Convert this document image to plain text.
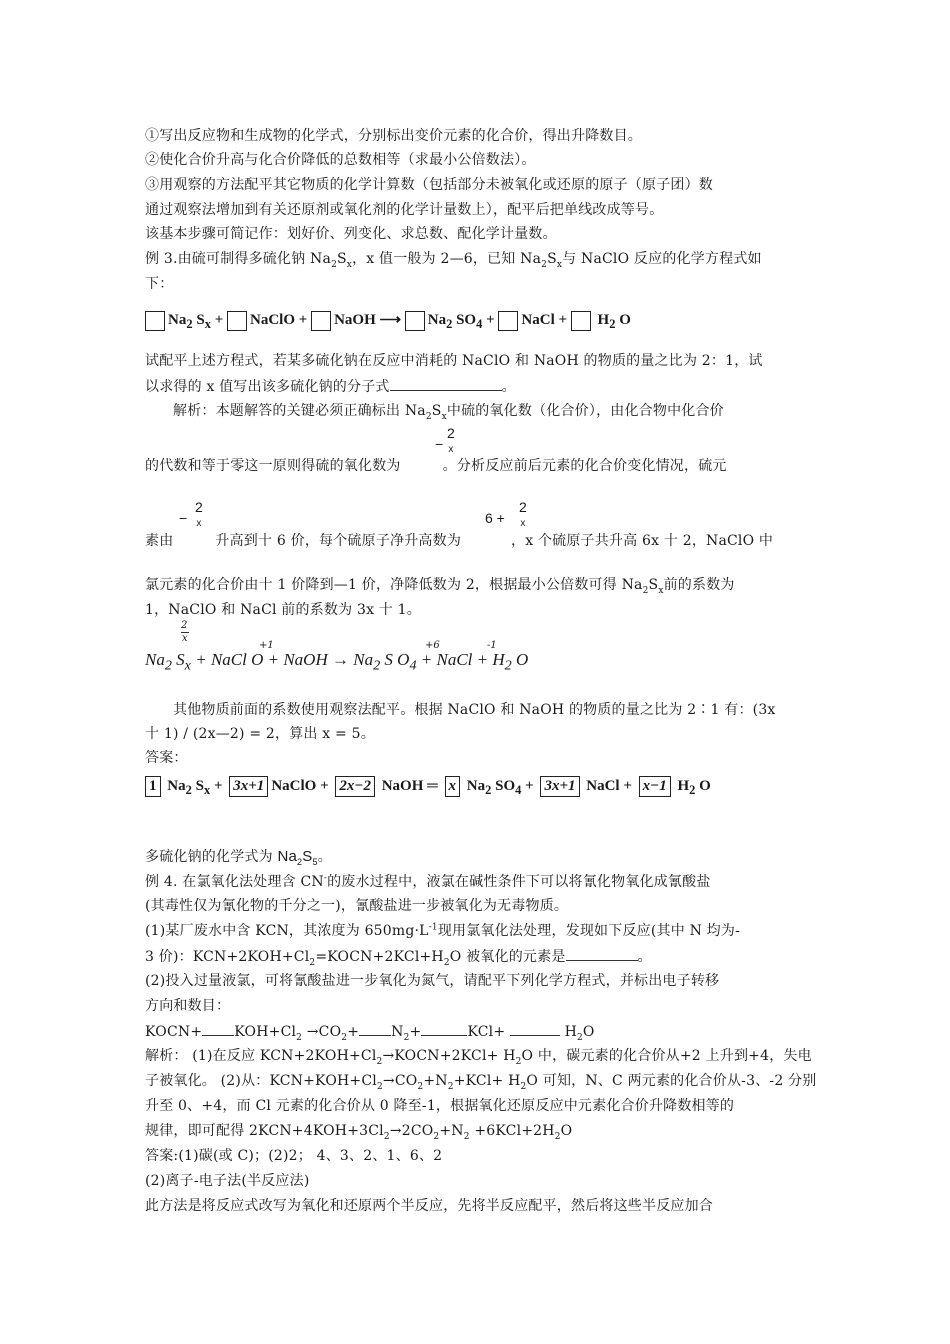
①写出反应物和生成物的化学式，分别标出变价元素的化合价，得出升降数目。
②使化合价升高与化合价降低的总数相等（求最小公倍数法）。
③用观察的方法配平其它物质的化学计算数（包括部分未被氧化或还原的原子（原子团）数
通过观察法增加到有关还原剂或氧化剂的化学计量数上），配平后把单线改成等号。
该基本步骤可简记作：划好价、列变化、求总数、配化学计量数。
例 3.由硫可制得多硫化钠 $Na_2S_x$，x 值一般为 2—6，已知 $Na_2S_x$与 NaClO 反应的化学方程式如
下：
$Na_2$ $S_x$ + NaClO + NaOH ⟶ $Na_2$ $SO_4$ + NaCl +  $H_2$ O
试配平上述方程式，若某多硫化钠在反应中消耗的 NaClO 和 NaOH 的物质的量之比为 2：1，试
以求得的 x 值写出该多硫化钠的分子式	。
解析：本题解答的关键必须正确标出 $Na_2S_x$中硫的氧化数（化合价），由化合物中化合价
−
2
x
的代数和等于零这一原则得硫的氧化数为	。分析反应前后元素的化合价变化情况，硫元
−
2
x	6 +
2
x
素由	升高到十 6 价，每个硫原子净升高数为	，x 个硫原子共升高 6x 十 2，NaClO 中
氯元素的化合价由十 1 价降到—1 价，净降低数为 2，根据最小公倍数可得 $Na_2S_x$前的系数为
1，NaClO 和 NaCl 前的系数为 3x 十 1。
2
x
+1	+6	-1
$Na_2$ $S_x$ + NaCl O + NaOH → $Na_2$ S $O_4$ + NaCl + $H_2$ O
其他物质前面的系数使用观察法配平。根据 NaClO 和 NaOH 的物质的量之比为 2∶1 有：(3x
十 1) / (2x—2) = 2，算出 x = 5。
答案：
1 $Na_2$ $S_x + 3x+1$ NaClO + 2x−2 NaOH ═ x $Na_2$ $SO_4 + 3x+1$ NaCl + x−1 $H_2$ O
多硫化钠的化学式为 $Na_2S_5$。
例 4. 在氯氧化法处理含 CN-的废水过程中，液氯在碱性条件下可以将氰化物氧化成氰酸盐
(其毒性仅为氰化物的千分之一)，氰酸盐进一步被氧化为无毒物质。
(1)某厂废水中含 KCN，其浓度为 $650mg\cdot L^{-1}$现用氯氧化法处理，发现如下反应(其中 N 均为-
3 价)：$KCN+2KOH+Cl_2=KOCN+2KCl+H_2O$ 被氧化的元素是	。
(2)投入过量液氯，可将氰酸盐进一步氧化为氮气，请配平下列化学方程式，并标出电子转移
方向和数目：
KOCN+ $KOH+Cl_2 \to CO_2+ N_2+$	KCl+	$H_2O$
解析： (1)在反应 $KCN+2KOH+Cl_2\to KOCN+2KCl+ H_2O$ 中，碳元素的化合价从+2 上升到+4，失电
子被氧化。 (2)从：$KCN+KOH+Cl_2\to CO_2+N_2+KCl+ H_2O$ 可知，N、C 两元素的化合价从-3、-2 分别
升至 0、+4，而 Cl 元素的化合价从 0 降至-1，根据氧化还原反应中元素化合价升降数相等的
规律，即可配得 $2KCN+4KOH+3Cl_2\to 2CO_2+N_2 +6KCl+2H_2O$
答案:(1)碳(或 C)；(2)2； 4、3、2、1、6、2
(2)离子-电子法(半反应法)
此方法是将反应式改写为氧化和还原两个半反应，先将半反应配平，然后将这些半反应加合
